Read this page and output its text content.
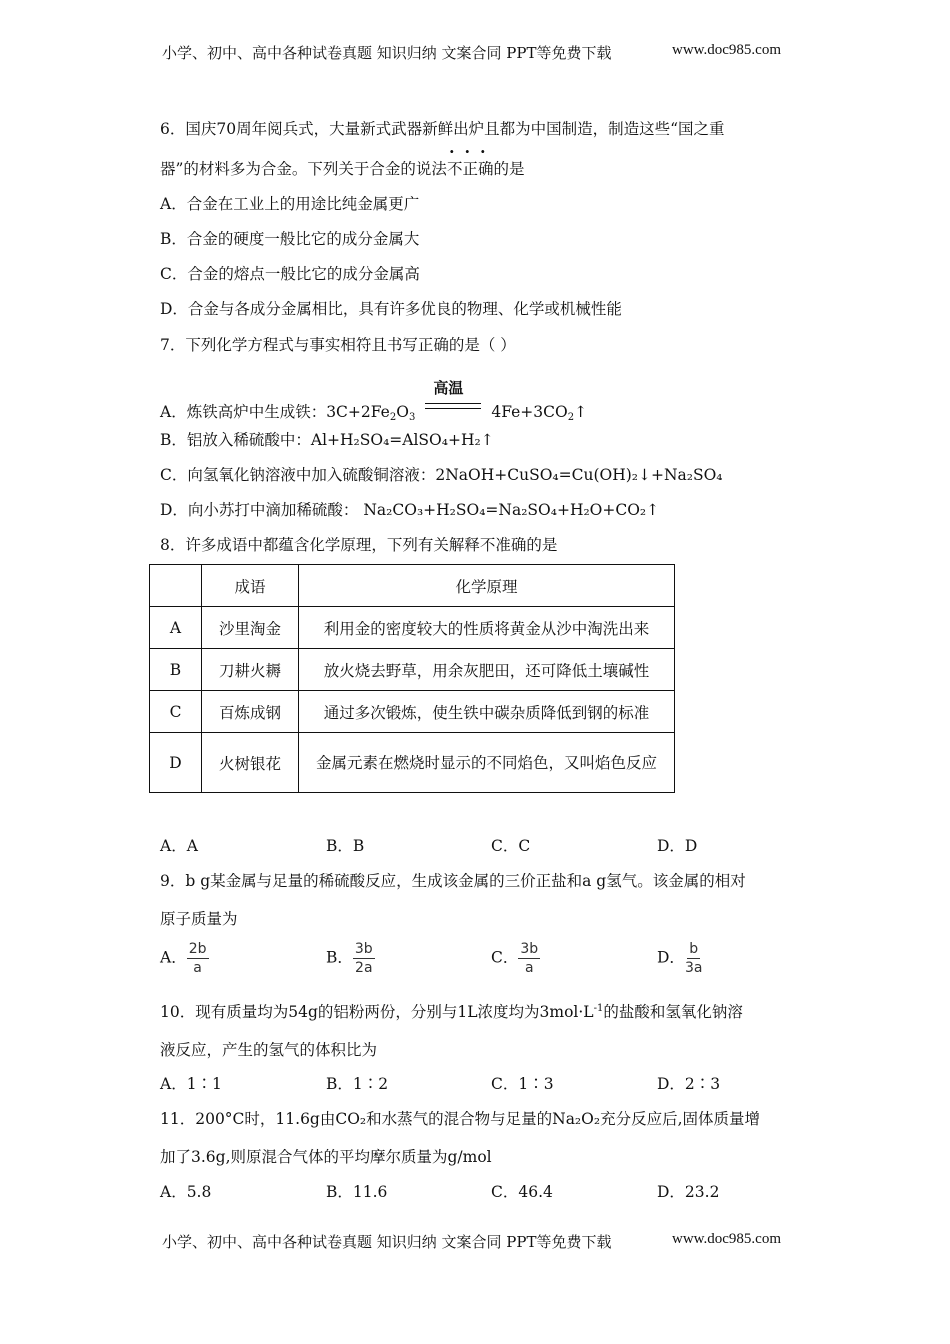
小学、初中、高中各种试卷真题 知识归纳 文案合同 PPT等免费下载	www.doc985.com
6．国庆70周年阅兵式，大量新式武器新鲜出炉且都为中国制造，制造这些“国之重
器”的材料多为合金。下列关于合金的说法不正确的是
A．合金在工业上的用途比纯金属更广
B．合金的硬度一般比它的成分金属大
C．合金的熔点一般比它的成分金属高
D．合金与各成分金属相比，具有许多优良的物理、化学或机械性能
7．下列化学方程式与事实相符且书写正确的是（ ）
A．炼铁高炉中生成铁：$3C+2Fe_2O_3$
高温
$4Fe+3CO_2↑$
B．铝放入稀硫酸中：Al+H₂SO₄=AlSO₄+H₂↑
C．向氢氧化钠溶液中加入硫酸铜溶液：2NaOH+CuSO₄=Cu(OH)₂↓+Na₂SO₄
D．向小苏打中滴加稀硫酸： Na₂CO₃+H₂SO₄=Na₂SO₄+H₂O+CO₂↑
8．许多成语中都蕴含化学原理，下列有关解释不准确的是
	成语	化学原理
A	沙里淘金	利用金的密度较大的性质将黄金从沙中淘洗出来
B	刀耕火耨	放火烧去野草，用余灰肥田，还可降低土壤碱性
C	百炼成钢	通过多次锻炼，使生铁中碳杂质降低到钢的标准
D	火树银花	金属元素在燃烧时显示的不同焰色，又叫焰色反应
A．A	B．B	C．C	D．D
9．b g某金属与足量的稀硫酸反应，生成该金属的三价正盐和a g氢气。该金属的相对
原子质量为
A． $\frac{2b}{a}$	B． $\frac{3b}{2a}$	C． $\frac{3b}{a}$	D． $\frac{b}{3a}$
10．现有质量均为54g的铝粉两份，分别与1L浓度均为$3mol\cdot L^{-1}$的盐酸和氢氧化钠溶
液反应，产生的氢气的体积比为
A．1∶1	B．1∶2	C．1∶3	D．2∶3
11．200°C时，11.6g由CO₂和水蒸气的混合物与足量的Na₂O₂充分反应后,固体质量增
加了3.6g,则原混合气体的平均摩尔质量为g/mol
A．5.8	B．11.6	C．46.4	D．23.2
小学、初中、高中各种试卷真题 知识归纳 文案合同 PPT等免费下载	www.doc985.com
